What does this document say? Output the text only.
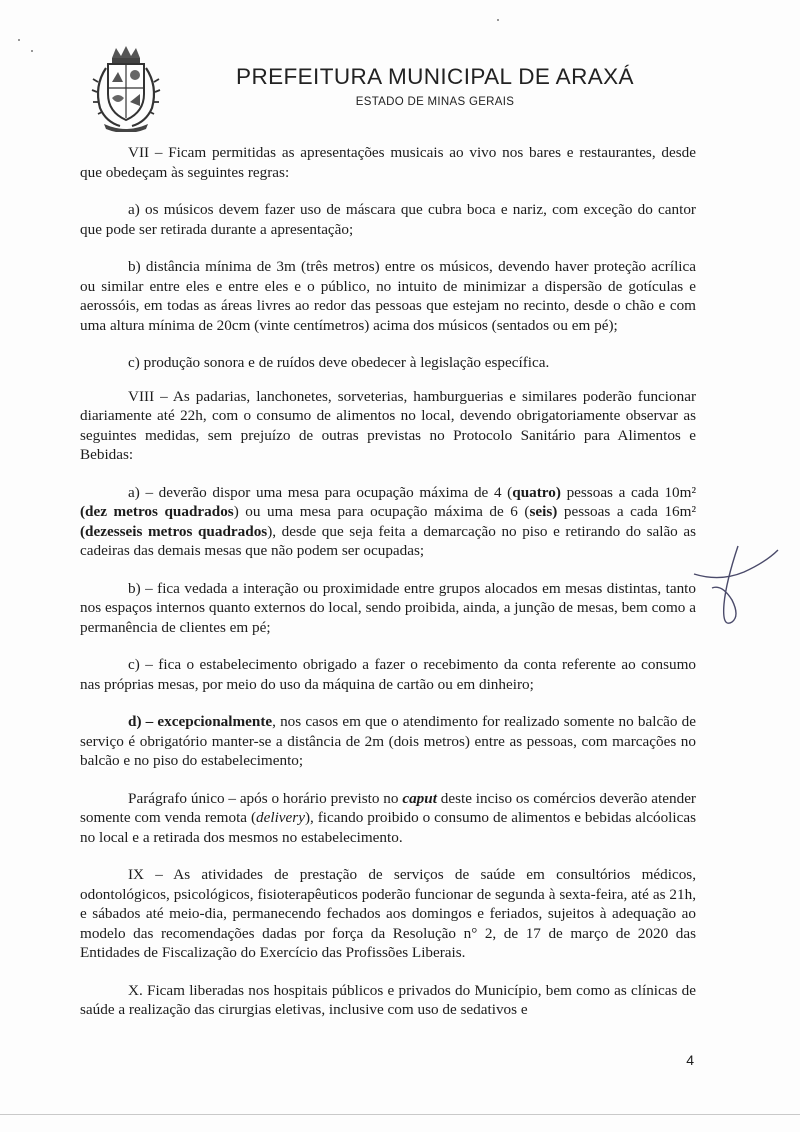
PREFEITURA MUNICIPAL DE ARAXÁ
ESTADO DE MINAS GERAIS

VII – Ficam permitidas as apresentações musicais ao vivo nos bares e restaurantes, desde que obedeçam às seguintes regras:

a) os músicos devem fazer uso de máscara que cubra boca e nariz, com exceção do cantor que pode ser retirada durante a apresentação;

b) distância mínima de 3m (três metros) entre os músicos, devendo haver proteção acrílica ou similar entre eles e entre eles e o público, no intuito de minimizar a dispersão de gotículas e aerossóis, em todas as áreas livres ao redor das pessoas que estejam no recinto, desde o chão e com uma altura mínima de 20cm (vinte centímetros) acima dos músicos (sentados ou em pé);

c) produção sonora e de ruídos deve obedecer à legislação específica.

VIII – As padarias, lanchonetes, sorveterias, hamburguerias e similares poderão funcionar diariamente até 22h, com o consumo de alimentos no local, devendo obrigatoriamente observar as seguintes medidas, sem prejuízo de outras previstas no Protocolo Sanitário para Alimentos e Bebidas:

a) – deverão dispor uma mesa para ocupação máxima de 4 (quatro) pessoas a cada 10m² (dez metros quadrados) ou uma mesa para ocupação máxima de 6 (seis) pessoas a cada 16m² (dezesseis metros quadrados), desde que seja feita a demarcação no piso e retirando do salão as cadeiras das demais mesas que não podem ser ocupadas;

b) – fica vedada a interação ou proximidade entre grupos alocados em mesas distintas, tanto nos espaços internos quanto externos do local, sendo proibida, ainda, a junção de mesas, bem como a permanência de clientes em pé;

c) – fica o estabelecimento obrigado a fazer o recebimento da conta referente ao consumo nas próprias mesas, por meio do uso da máquina de cartão ou em dinheiro;

d) – excepcionalmente, nos casos em que o atendimento for realizado somente no balcão de serviço é obrigatório manter-se a distância de 2m (dois metros) entre as pessoas, com marcações no balcão e no piso do estabelecimento;

Parágrafo único – após o horário previsto no caput deste inciso os comércios deverão atender somente com venda remota (delivery), ficando proibido o consumo de alimentos e bebidas alcóolicas no local e a retirada dos mesmos no estabelecimento.

IX – As atividades de prestação de serviços de saúde em consultórios médicos, odontológicos, psicológicos, fisioterapêuticos poderão funcionar de segunda à sexta-feira, até as 21h, e sábados até meio-dia, permanecendo fechados aos domingos e feriados, sujeitos à adequação ao modelo das recomendações dadas por força da Resolução n° 2, de 17 de março de 2020 das Entidades de Fiscalização do Exercício das Profissões Liberais.

X. Ficam liberadas nos hospitais públicos e privados do Município, bem como as clínicas de saúde a realização das cirurgias eletivas, inclusive com uso de sedativos e

4
